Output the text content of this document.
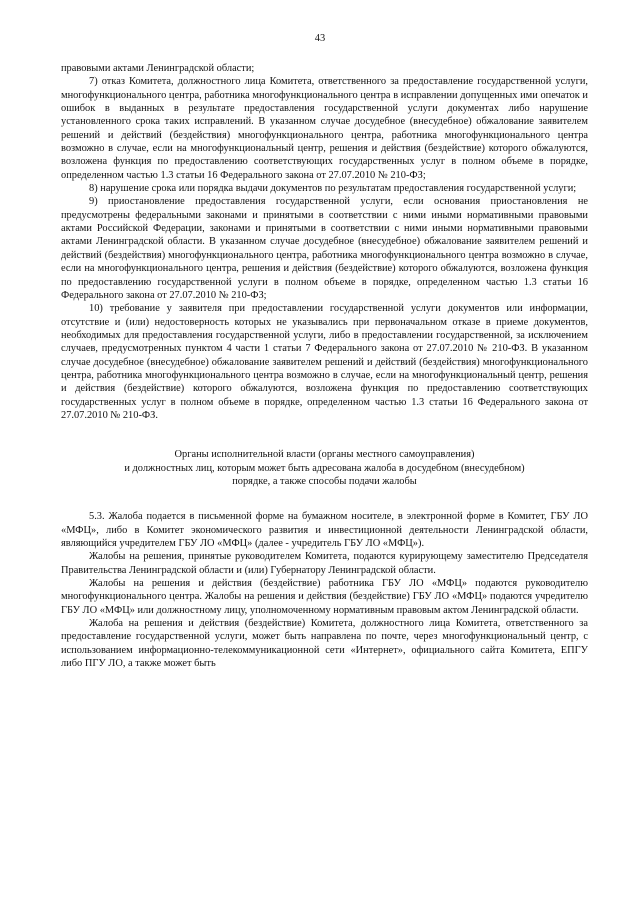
43

правовыми актами Ленинградской области;

7) отказ Комитета, должностного лица Комитета, ответственного за предоставление государственной услуги, многофункционального центра, работника многофункционального центра в исправлении допущенных ими опечаток и ошибок в выданных в результате предоставления государственной услуги документах либо нарушение установленного срока таких исправлений. В указанном случае досудебное (внесудебное) обжалование заявителем решений и действий (бездействия) многофункционального центра, работника многофункционального центра возможно в случае, если на многофункциональный центр, решения и действия (бездействие) которого обжалуются, возложена функция по предоставлению соответствующих государственных услуг в полном объеме в порядке, определенном частью 1.3 статьи 16 Федерального закона от 27.07.2010 № 210-ФЗ;

8) нарушение срока или порядка выдачи документов по результатам предоставления государственной услуги;

9) приостановление предоставления государственной услуги, если основания приостановления не предусмотрены федеральными законами и принятыми в соответствии с ними иными нормативными правовыми актами Российской Федерации, законами и принятыми в соответствии с ними иными нормативными правовыми актами Ленинградской области. В указанном случае досудебное (внесудебное) обжалование заявителем решений и действий (бездействия) многофункционального центра, работника многофункционального центра возможно в случае, если на многофункционального центра, решения и действия (бездействие) которого обжалуются, возложена функция по предоставлению государственной услуги в полном объеме в порядке, определенном частью 1.3 статьи 16 Федерального закона от 27.07.2010 № 210-ФЗ;

10) требование у заявителя при предоставлении государственной услуги документов или информации, отсутствие и (или) недостоверность которых не указывались при первоначальном отказе в приеме документов, необходимых для предоставления государственной услуги, либо в предоставлении государственной, за исключением случаев, предусмотренных пунктом 4 части 1 статьи 7 Федерального закона от 27.07.2010 № 210-ФЗ. В указанном случае досудебное (внесудебное) обжалование заявителем решений и действий (бездействия) многофункционального центра, работника многофункционального центра возможно в случае, если на многофункциональный центр, решения и действия (бездействие) которого обжалуются, возложена функция по предоставлению соответствующих государственных услуг в полном объеме в порядке, определенном частью 1.3 статьи 16 Федерального закона от 27.07.2010 № 210-ФЗ.

Органы исполнительной власти (органы местного самоуправления)
и должностных лиц, которым может быть адресована жалоба в досудебном (внесудебном)
порядке, а также способы подачи жалобы

5.3. Жалоба подается в письменной форме на бумажном носителе, в электронной форме в Комитет, ГБУ ЛО «МФЦ», либо в Комитет экономического развития и инвестиционной деятельности Ленинградской области, являющийся учредителем ГБУ ЛО «МФЦ» (далее - учредитель ГБУ ЛО «МФЦ»).

Жалобы на решения, принятые руководителем Комитета, подаются курирующему заместителю Председателя Правительства Ленинградской области и (или) Губернатору Ленинградской области.

Жалобы на решения и действия (бездействие) работника ГБУ ЛО «МФЦ» подаются руководителю многофункционального центра. Жалобы на решения и действия (бездействие) ГБУ ЛО «МФЦ» подаются учредителю ГБУ ЛО «МФЦ» или должностному лицу, уполномоченному нормативным правовым актом Ленинградской области.

Жалоба на решения и действия (бездействие) Комитета, должностного лица Комитета, ответственного за предоставление государственной услуги, может быть направлена по почте, через многофункциональный центр, с использованием информационно-телекоммуникационной сети «Интернет», официального сайта Комитета, ЕПГУ либо ПГУ ЛО, а также может быть
